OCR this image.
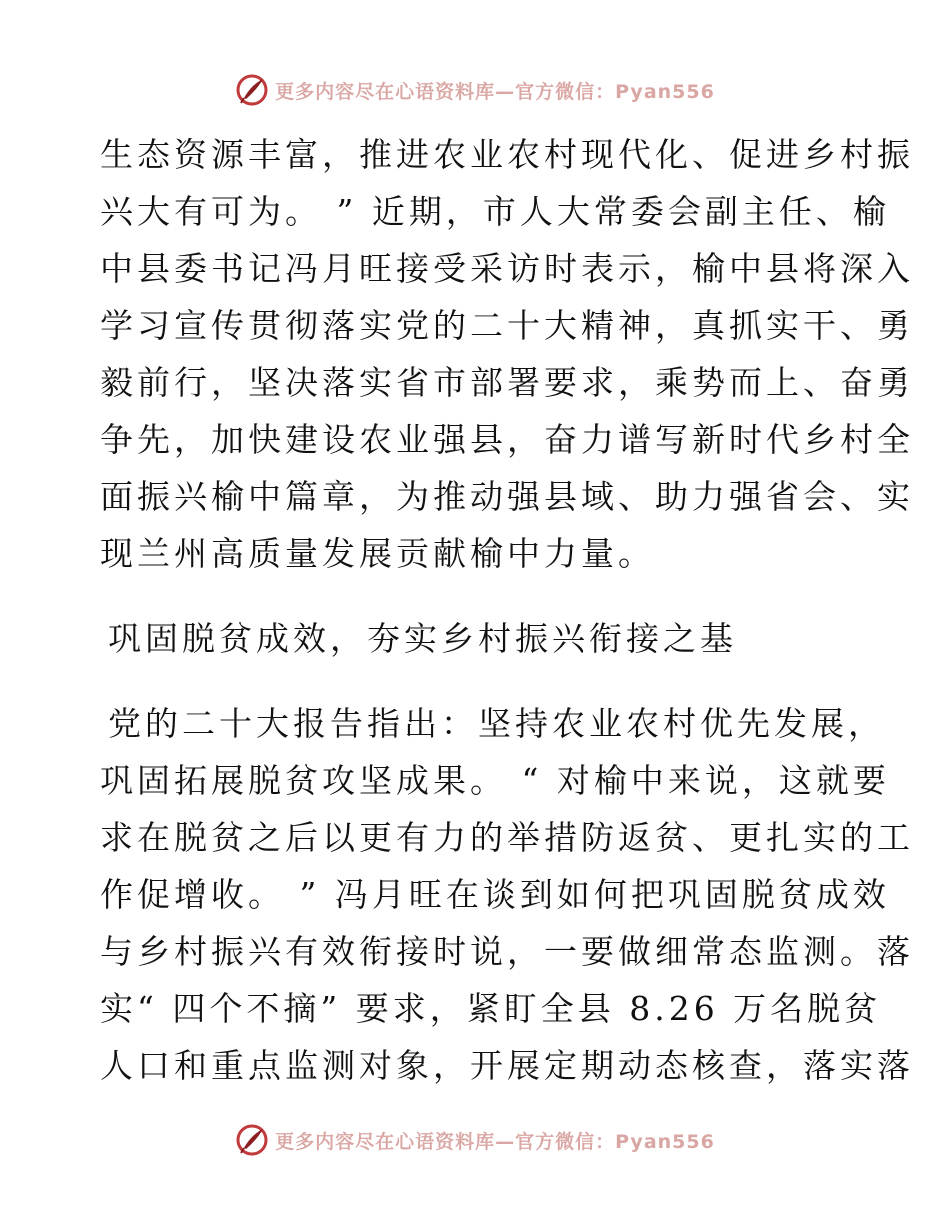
更多内容尽在心语资料库—官方微信：Pyan556
生态资源丰富，推进农业农村现代化、促进乡村振
兴大有可为。 ” 近期，市人大常委会副主任、榆
中县委书记冯月旺接受采访时表示，榆中县将深入
学习宣传贯彻落实党的二十大精神，真抓实干、勇
毅前行，坚决落实省市部署要求，乘势而上、奋勇
争先，加快建设农业强县，奋力谱写新时代乡村全
面振兴榆中篇章，为推动强县域、助力强省会、实
现兰州高质量发展贡献榆中力量。
巩固脱贫成效，夯实乡村振兴衔接之基
党的二十大报告指出：坚持农业农村优先发展，
巩固拓展脱贫攻坚成果。 “ 对榆中来说，这就要
求在脱贫之后以更有力的举措防返贫、更扎实的工
作促增收。 ” 冯月旺在谈到如何把巩固脱贫成效
与乡村振兴有效衔接时说，一要做细常态监测。落
实“ 四个不摘” 要求，紧盯全县 8.26 万名脱贫
人口和重点监测对象，开展定期动态核查，落实落
更多内容尽在心语资料库—官方微信：Pyan556
